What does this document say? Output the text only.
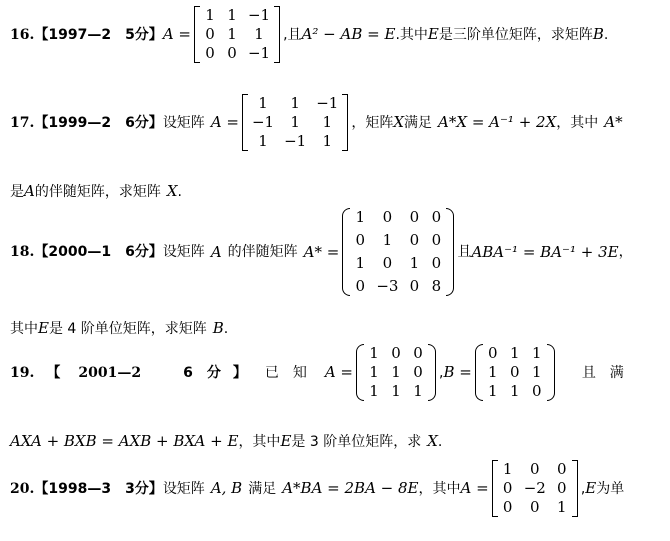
16. 【1997—2　5分】 A =
1 1 −1
0 1	1
0 0 −1
,且 A² − AB = E . 其中 E 是三阶单位矩阵，求矩阵 B .
17. 【1999—2　6分】 设矩阵 A =
1	1	−1
−1	1	1
1	−1	1
，矩阵 X 满足 A*X = A⁻¹ + 2X ，其中 A*
是 A 的伴随矩阵，求矩阵 X .
18. 【2000—1　6分】 设矩阵 A 的伴随矩阵 A* =
1	0	0 0
0	1	0 0
1	0	1 0
0 −3 0 8
且 ABA⁻¹ = BA⁻¹ + 3E ，
其中 E 是 4 阶单位矩阵，求矩阵 B .
19. 【 2001—2	6　分 】 已　知 A =
1 0 0
1 1 0
1 1 1
, B =
0 1 1
1 0 1
1 1 0
且　满
AXA + BXB = AXB + BXA + E ，其中 E 是 3 阶单位矩阵，求 X .
20. 【1998—3　3分】 设矩阵 A, B 满足 A*BA = 2BA − 8E ，其中 A =
1	0	0
0 −2 0
0	0	1
, E 为单
